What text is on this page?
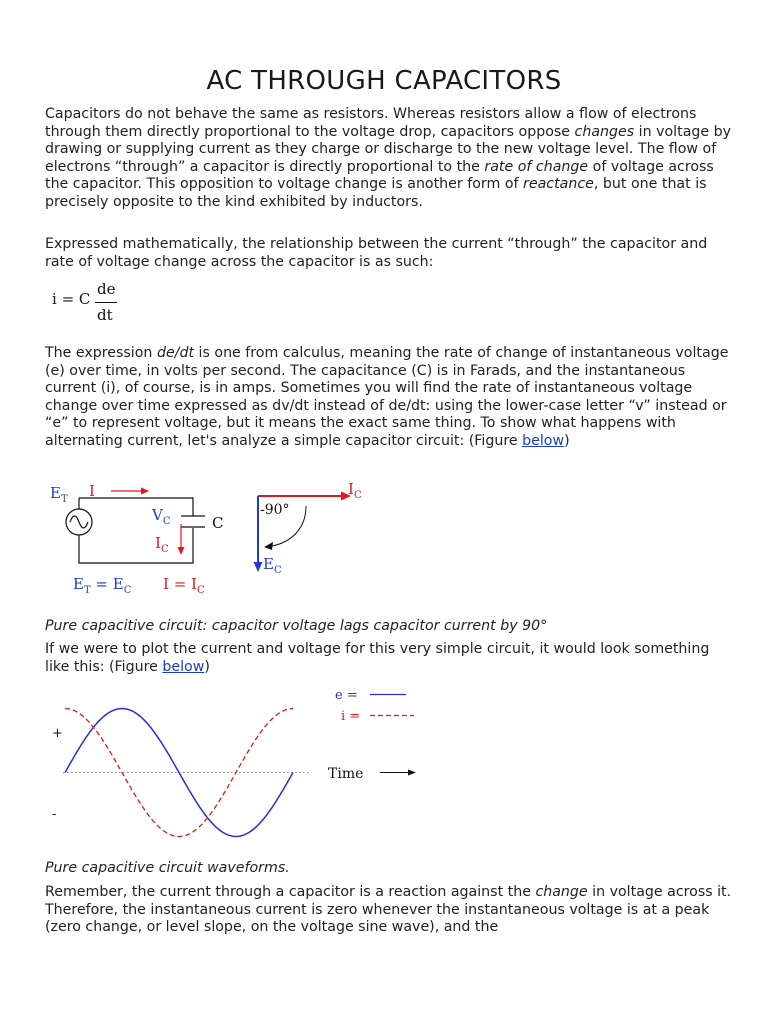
AC THROUGH CAPACITORS

Capacitors do not behave the same as resistors. Whereas resistors allow a flow of electrons through them directly proportional to the voltage drop, capacitors oppose changes in voltage by drawing or supplying current as they charge or discharge to the new voltage level. The flow of electrons “through” a capacitor is directly proportional to the rate of change of voltage across the capacitor. This opposition to voltage change is another form of reactance, but one that is precisely opposite to the kind exhibited by inductors.

Expressed mathematically, the relationship between the current “through” the capacitor and rate of voltage change across the capacitor is as such:

i = C
de
dt

The expression de/dt is one from calculus, meaning the rate of change of instantaneous voltage (e) over time, in volts per second. The capacitance (C) is in Farads, and the instantaneous current (i), of course, is in amps. Sometimes you will find the rate of instantaneous voltage change over time expressed as dv/dt instead of de/dt: using the lower-case letter “v” instead or “e” to represent voltage, but it means the exact same thing. To show what happens with alternating current, let's analyze a simple capacitor circuit: (Figure below)

$E_T$ I
$V_C$	C
$I_C$
$E_T = E_C$ $I = I_C$
-90°
$I_C$
$E_C$

Pure capacitive circuit: capacitor voltage lags capacitor current by 90°

If we were to plot the current and voltage for this very simple circuit, it would look something like this: (Figure below)

+
-
e =
i =
Time

Pure capacitive circuit waveforms.

Remember, the current through a capacitor is a reaction against the change in voltage across it. Therefore, the instantaneous current is zero whenever the instantaneous voltage is at a peak (zero change, or level slope, on the voltage sine wave), and the
